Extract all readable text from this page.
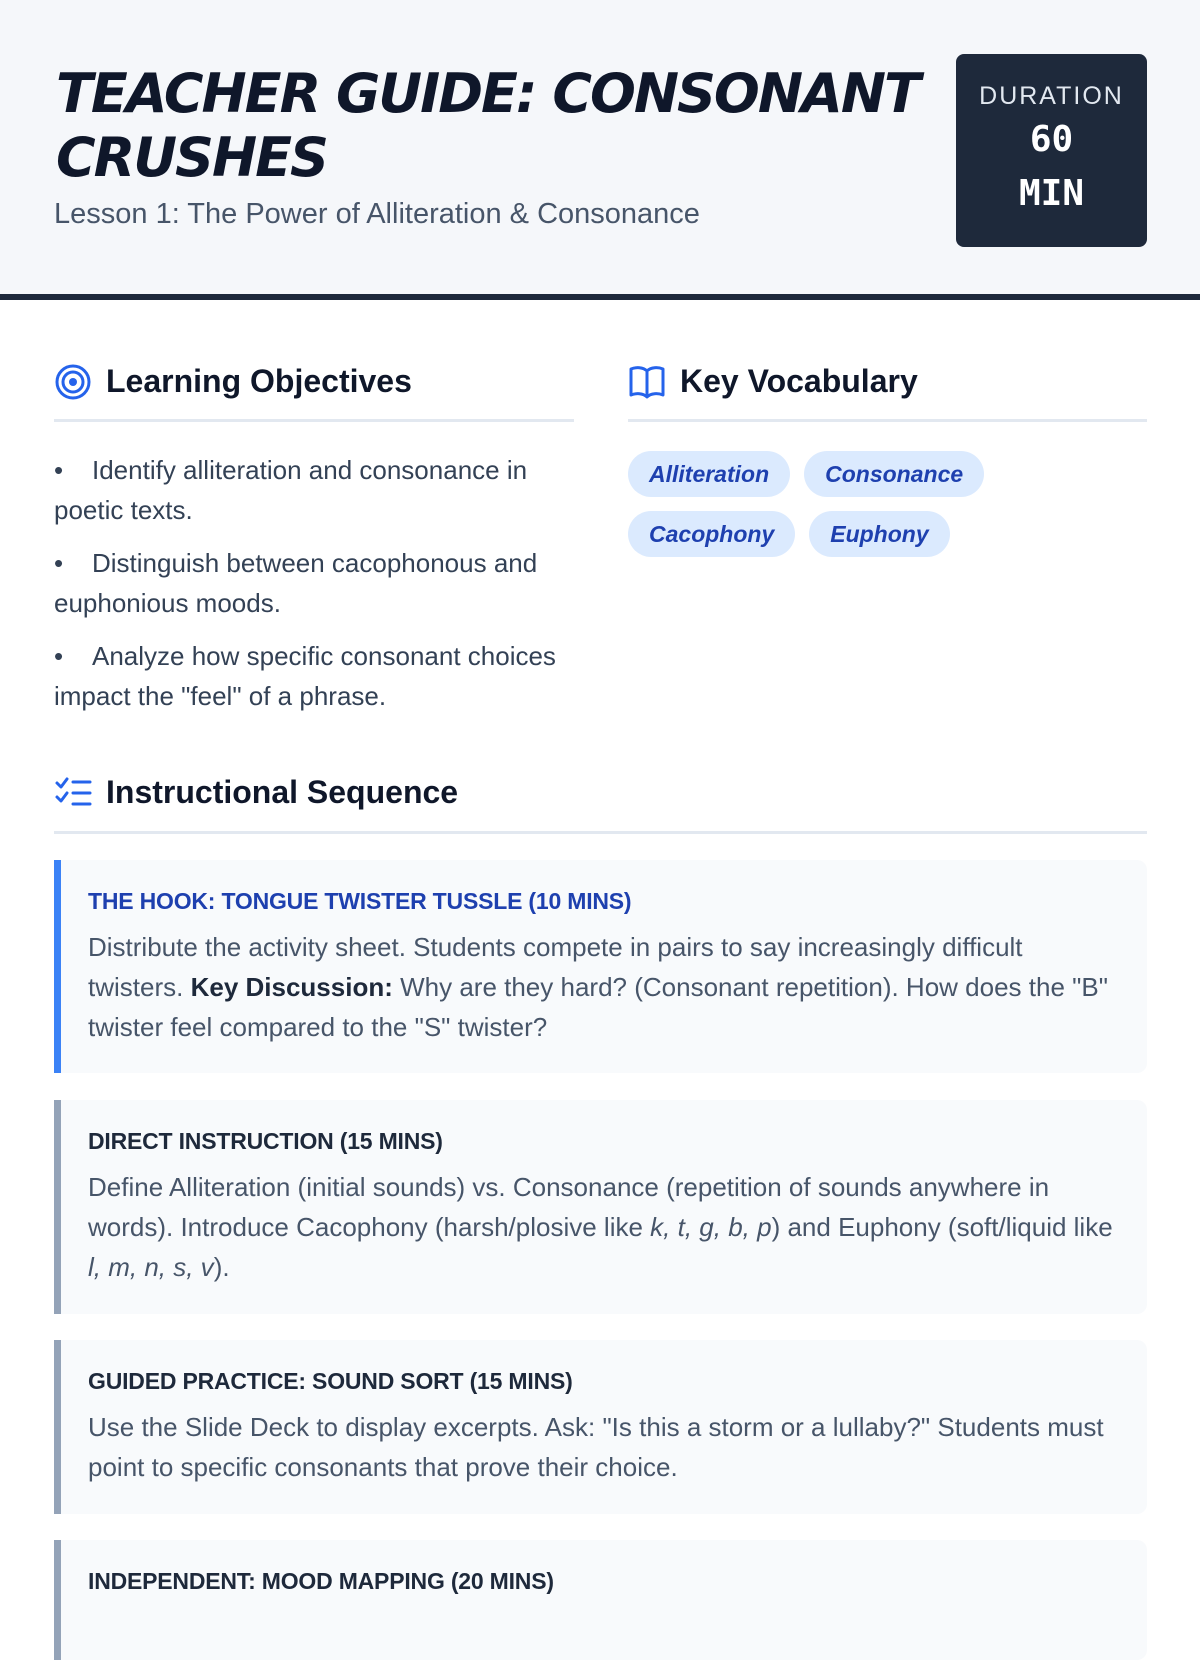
TEACHER GUIDE: CONSONANT CRUSHES
Lesson 1: The Power of Alliteration & Consonance
DURATION
60 MIN
Learning Objectives
• Identify alliteration and consonance in poetic texts.
• Distinguish between cacophonous and euphonious moods.
• Analyze how specific consonant choices impact the "feel" of a phrase.
Key Vocabulary
Alliteration	Consonance
Cacophony	Euphony
Instructional Sequence
THE HOOK: TONGUE TWISTER TUSSLE (10 MINS)
Distribute the activity sheet. Students compete in pairs to say increasingly difficult twisters. Key Discussion: Why are they hard? (Consonant repetition). How does the "B" twister feel compared to the "S" twister?
DIRECT INSTRUCTION (15 MINS)
Define Alliteration (initial sounds) vs. Consonance (repetition of sounds anywhere in words). Introduce Cacophony (harsh/plosive like k, t, g, b, p) and Euphony (soft/liquid like l, m, n, s, v).
GUIDED PRACTICE: SOUND SORT (15 MINS)
Use the Slide Deck to display excerpts. Ask: "Is this a storm or a lullaby?" Students must point to specific consonants that prove their choice.
INDEPENDENT: MOOD MAPPING (20 MINS)
